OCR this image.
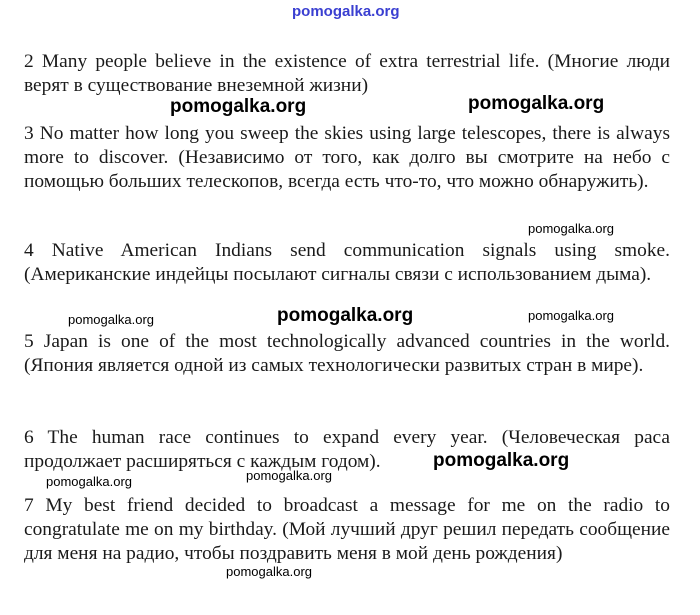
pomogalka.org

2 Many people believe in the existence of extra terrestrial life. (Многие люди верят в существование внеземной жизни)

pomogalka.org	pomogalka.org

3 No matter how long you sweep the skies using large telescopes, there is always more to discover. (Независимо от того, как долго вы смотрите на небо с помощью больших телескопов, всегда есть что-то, что можно обнаружить).

pomogalka.org

4 Native American Indians send communication signals using smoke. (Американские индейцы посылают сигналы связи с использованием дыма).

pomogalka.org
pomogalka.org	pomogalka.org

5 Japan is one of the most technologically advanced countries in the world. (Япония является одной из самых технологически развитых стран в мире).

6 The human race continues to expand every year. (Человеческая раса продолжает расширяться с каждым годом).	pomogalka.org
pomogalka.org	pomogalka.org

7 My best friend decided to broadcast a message for me on the radio to congratulate me on my birthday. (Мой лучший друг решил передать сообщение для меня на радио, чтобы поздравить меня в мой день рождения)

pomogalka.org
